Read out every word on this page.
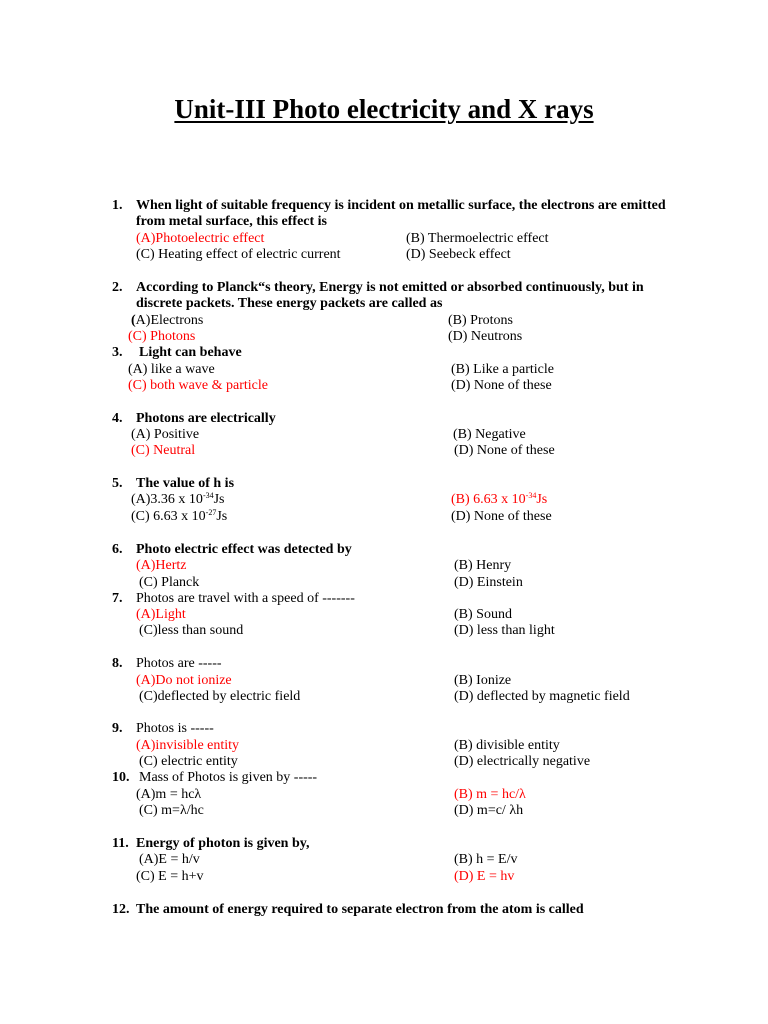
Unit-III Photo electricity and X rays
1. When light of suitable frequency is incident on metallic surface, the electrons are emitted
from metal surface, this effect is
(A)Photoelectric effect	(B) Thermoelectric effect
(C) Heating effect of electric current	(D) Seebeck effect
2. According to Planck“s theory, Energy is not emitted or absorbed continuously, but in
discrete packets. These energy packets are called as
(A)Electrons	(B) Protons
(C) Photons	(D) Neutrons
3.	Light can behave
(A) like a wave	(B) Like a particle
(C) both wave & particle	(D) None of these
4. Photons are electrically
(A) Positive	(B) Negative
(C) Neutral	(D) None of these
5. The value of h is
(A)3.36 x $10^{-34}Js$	(B) 6.63 x $10^{-34}Js$
(C) 6.63 x $10^{-27}Js$	(D) None of these
6. Photo electric effect was detected by
(A)Hertz	(B) Henry
(C) Planck	(D) Einstein
7. Photos are travel with a speed of -------
(A)Light	(B) Sound
(C)less than sound	(D) less than light
8. Photos are -----
(A)Do not ionize	(B) Ionize
(C)deflected by electric field	(D) deflected by magnetic field
9. Photos is -----
(A)invisible entity	(B) divisible entity
(C) electric entity	(D) electrically negative
10. Mass of Photos is given by -----
(A)m = hcλ	(B) m = hc/λ
(C) m=λ/hc	(D) m=c/ λh
11. Energy of photon is given by,
(A)E = h/v	(B) h = E/v
(C) E = h+v	(D) E = hv
12. The amount of energy required to separate electron from the atom is called
